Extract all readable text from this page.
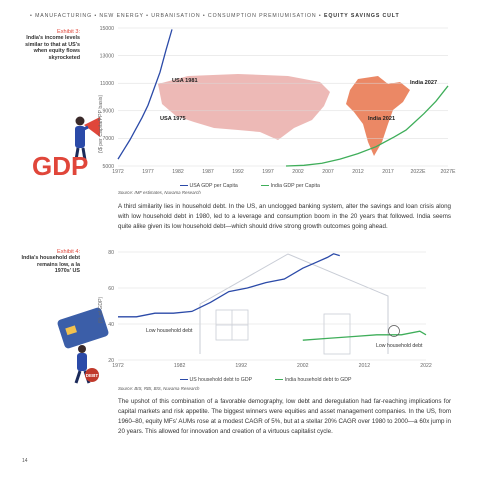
• MANUFACTURING • NEW ENERGY • URBANISATION • CONSUMPTION PREMIUMISATION • EQUITY SAVINGS CULT
Exhibit 3:
India's income levels similar to that at US's when equity flows skyrocketed
GDP	5000
7000
9000
11000
13000
15000
1972	1977	1982	1987	1992	1997	2002	2007	2012	2017	2022E	2027E
(\$ per Capita/PPP basis)
USA 1981
USA 1975	India 2021
India 2027
Source: IMF estimates, Nuvama Research
USA GDP per Capita	India GDP per Capita
A third similarity lies in household debt. In the US, an unclogged banking system, alter the savings and loan crisis along with low household debt in 1980, led to a leverage and consumption boom in the 20 years that followed. India seems quite alike given its low household debt—which should drive strong growth outcomes going ahead.
Exhibit 4:
India's household debt remains low, a la 1970s' US
DEBT
20
40
60
80
1972	1982	1992	2002	2012	2022
(% of GDP)
Low household debt
Low household debt
US household debt to GDP	India household debt to GDP
Source: BIS, RBI, BIS, Nuvama Research
The upshot of this combination of a favorable demography, low debt and deregulation had far-reaching implications for capital markets and risk appetite. The biggest winners were equities and asset management companies. In the US, from 1960–80, equity MFs' AUMs rose at a modest CAGR of 5%, but at a stellar 20% CAGR over 1980 to 2000—a 60x jump in 20 years. This allowed for innovation and creation of a virtuous capitalist cycle.
14
